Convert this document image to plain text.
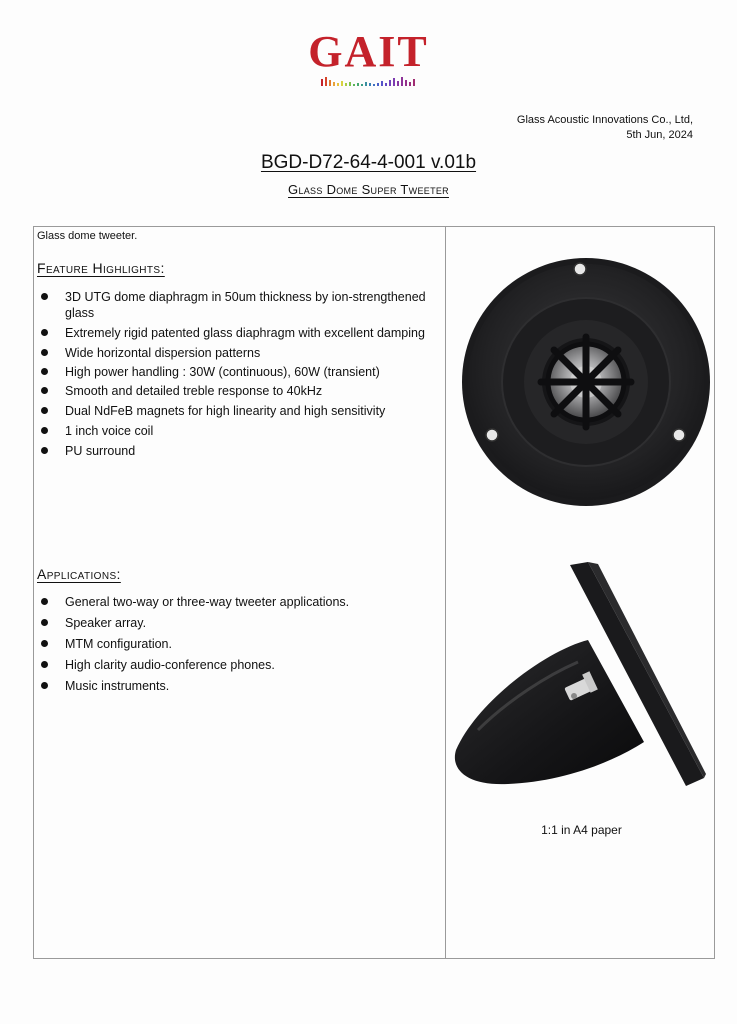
GAIT
Glass Acoustic Innovations Co., Ltd,
5th Jun, 2024
BGD-D72-64-4-001 v.01b
Glass Dome Super Tweeter
Glass dome tweeter.
Feature Highlights:
3D UTG dome diaphragm in 50um thickness by ion-strengthened glass
Extremely rigid patented glass diaphragm with excellent damping
Wide horizontal dispersion patterns
High power handling : 30W (continuous), 60W (transient)
Smooth and detailed treble response to 40kHz
Dual NdFeB magnets for high linearity and high sensitivity
1 inch voice coil
PU surround
Applications:
General two-way or three-way tweeter applications.
Speaker array.
MTM configuration.
High clarity audio-conference phones.
Music instruments.
1:1 in A4 paper
